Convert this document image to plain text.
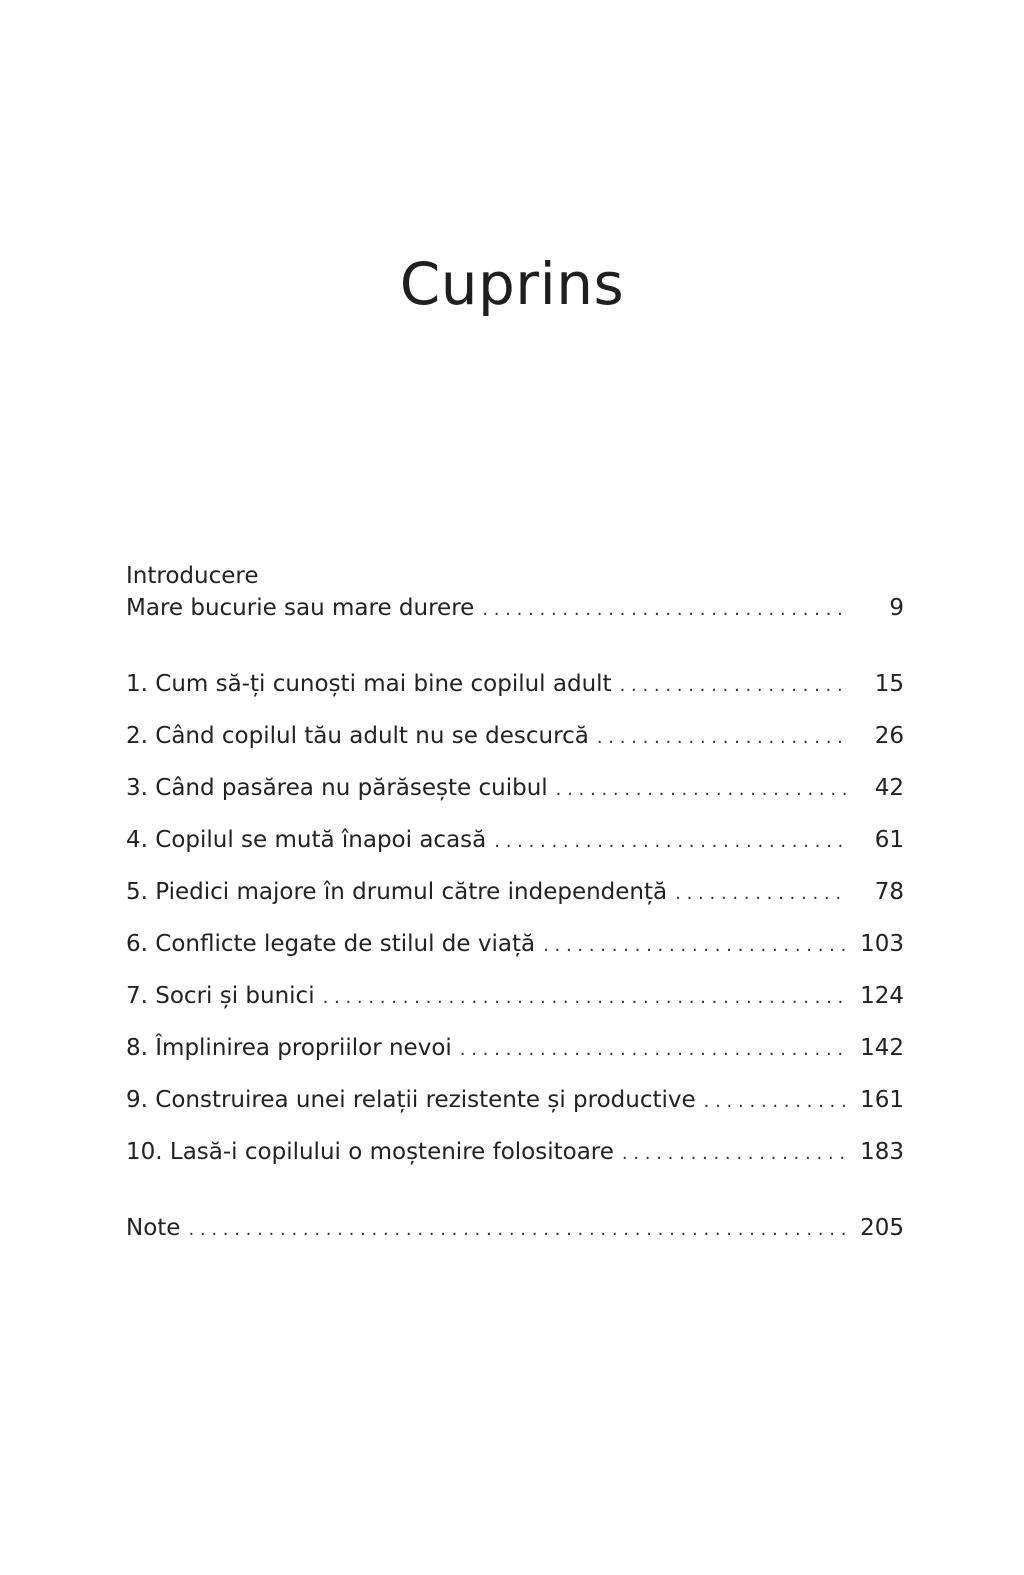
Cuprins
Introducere
Mare bucurie sau mare durere . . .	9
1. Cum să-ți cunoști mai bine copilul adult . . .	15
2. Când copilul tău adult nu se descurcă . . .	26
3. Când pasărea nu părăsește cuibul . . .	42
4. Copilul se mută înapoi acasă . . .	61
5. Piedici majore în drumul către independență . . .	78
6. Conflicte legate de stilul de viață . . .	103
7. Socri și bunici . . .	124
8. Împlinirea propriilor nevoi . . .	142
9. Construirea unei relații rezistente și productive . . .	161
10. Lasă-i copilului o moștenire folositoare . . .	183
Note . . .	205
